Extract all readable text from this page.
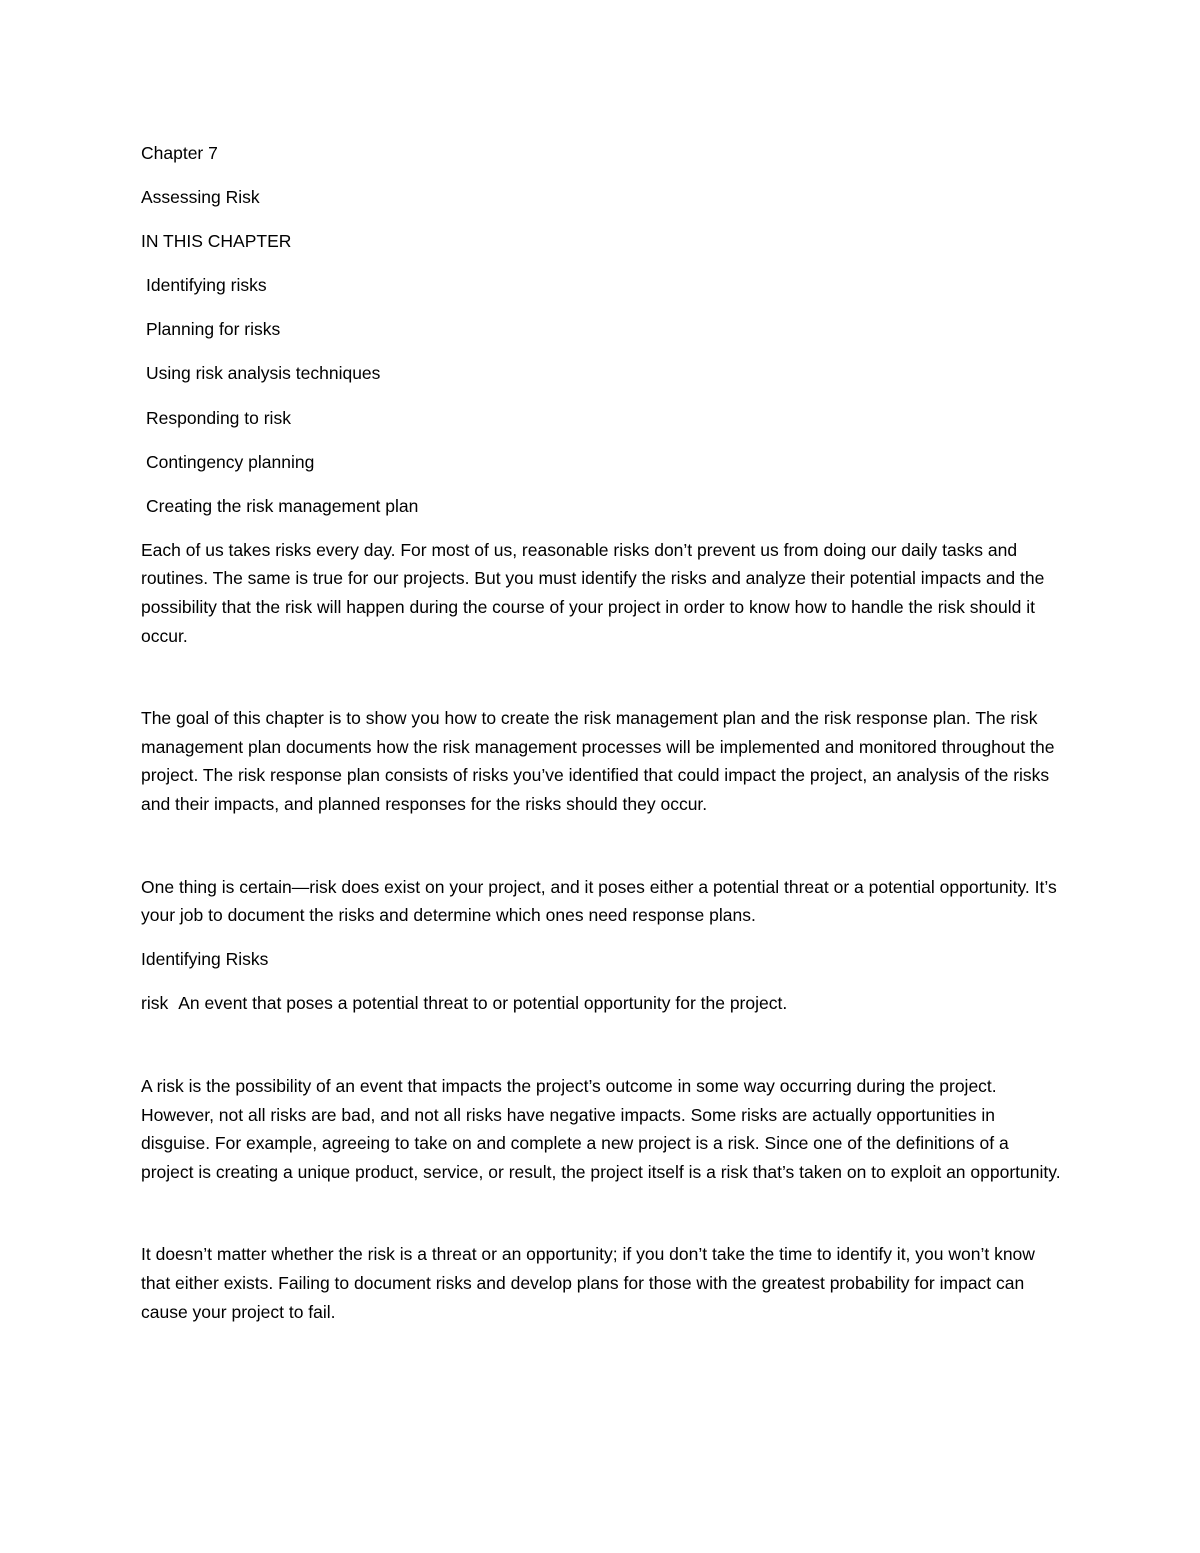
Chapter 7
Assessing Risk
IN THIS CHAPTER
Identifying risks
Planning for risks
Using risk analysis techniques
Responding to risk
Contingency planning
Creating the risk management plan

Each of us takes risks every day. For most of us, reasonable risks don’t prevent us from doing our daily tasks and routines. The same is true for our projects. But you must identify the risks and analyze their potential impacts and the possibility that the risk will happen during the course of your project in order to know how to handle the risk should it occur.

The goal of this chapter is to show you how to create the risk management plan and the risk response plan. The risk management plan documents how the risk management processes will be implemented and monitored throughout the project. The risk response plan consists of risks you’ve identified that could impact the project, an analysis of the risks and their impacts, and planned responses for the risks should they occur.

One thing is certain—risk does exist on your project, and it poses either a potential threat or a potential opportunity. It’s your job to document the risks and determine which ones need response plans.

Identifying Risks

risk An event that poses a potential threat to or potential opportunity for the project.

A risk is the possibility of an event that impacts the project’s outcome in some way occurring during the project. However, not all risks are bad, and not all risks have negative impacts. Some risks are actually opportunities in disguise. For example, agreeing to take on and complete a new project is a risk. Since one of the definitions of a project is creating a unique product, service, or result, the project itself is a risk that’s taken on to exploit an opportunity.

It doesn’t matter whether the risk is a threat or an opportunity; if you don’t take the time to identify it, you won’t know that either exists. Failing to document risks and develop plans for those with the greatest probability for impact can cause your project to fail.
